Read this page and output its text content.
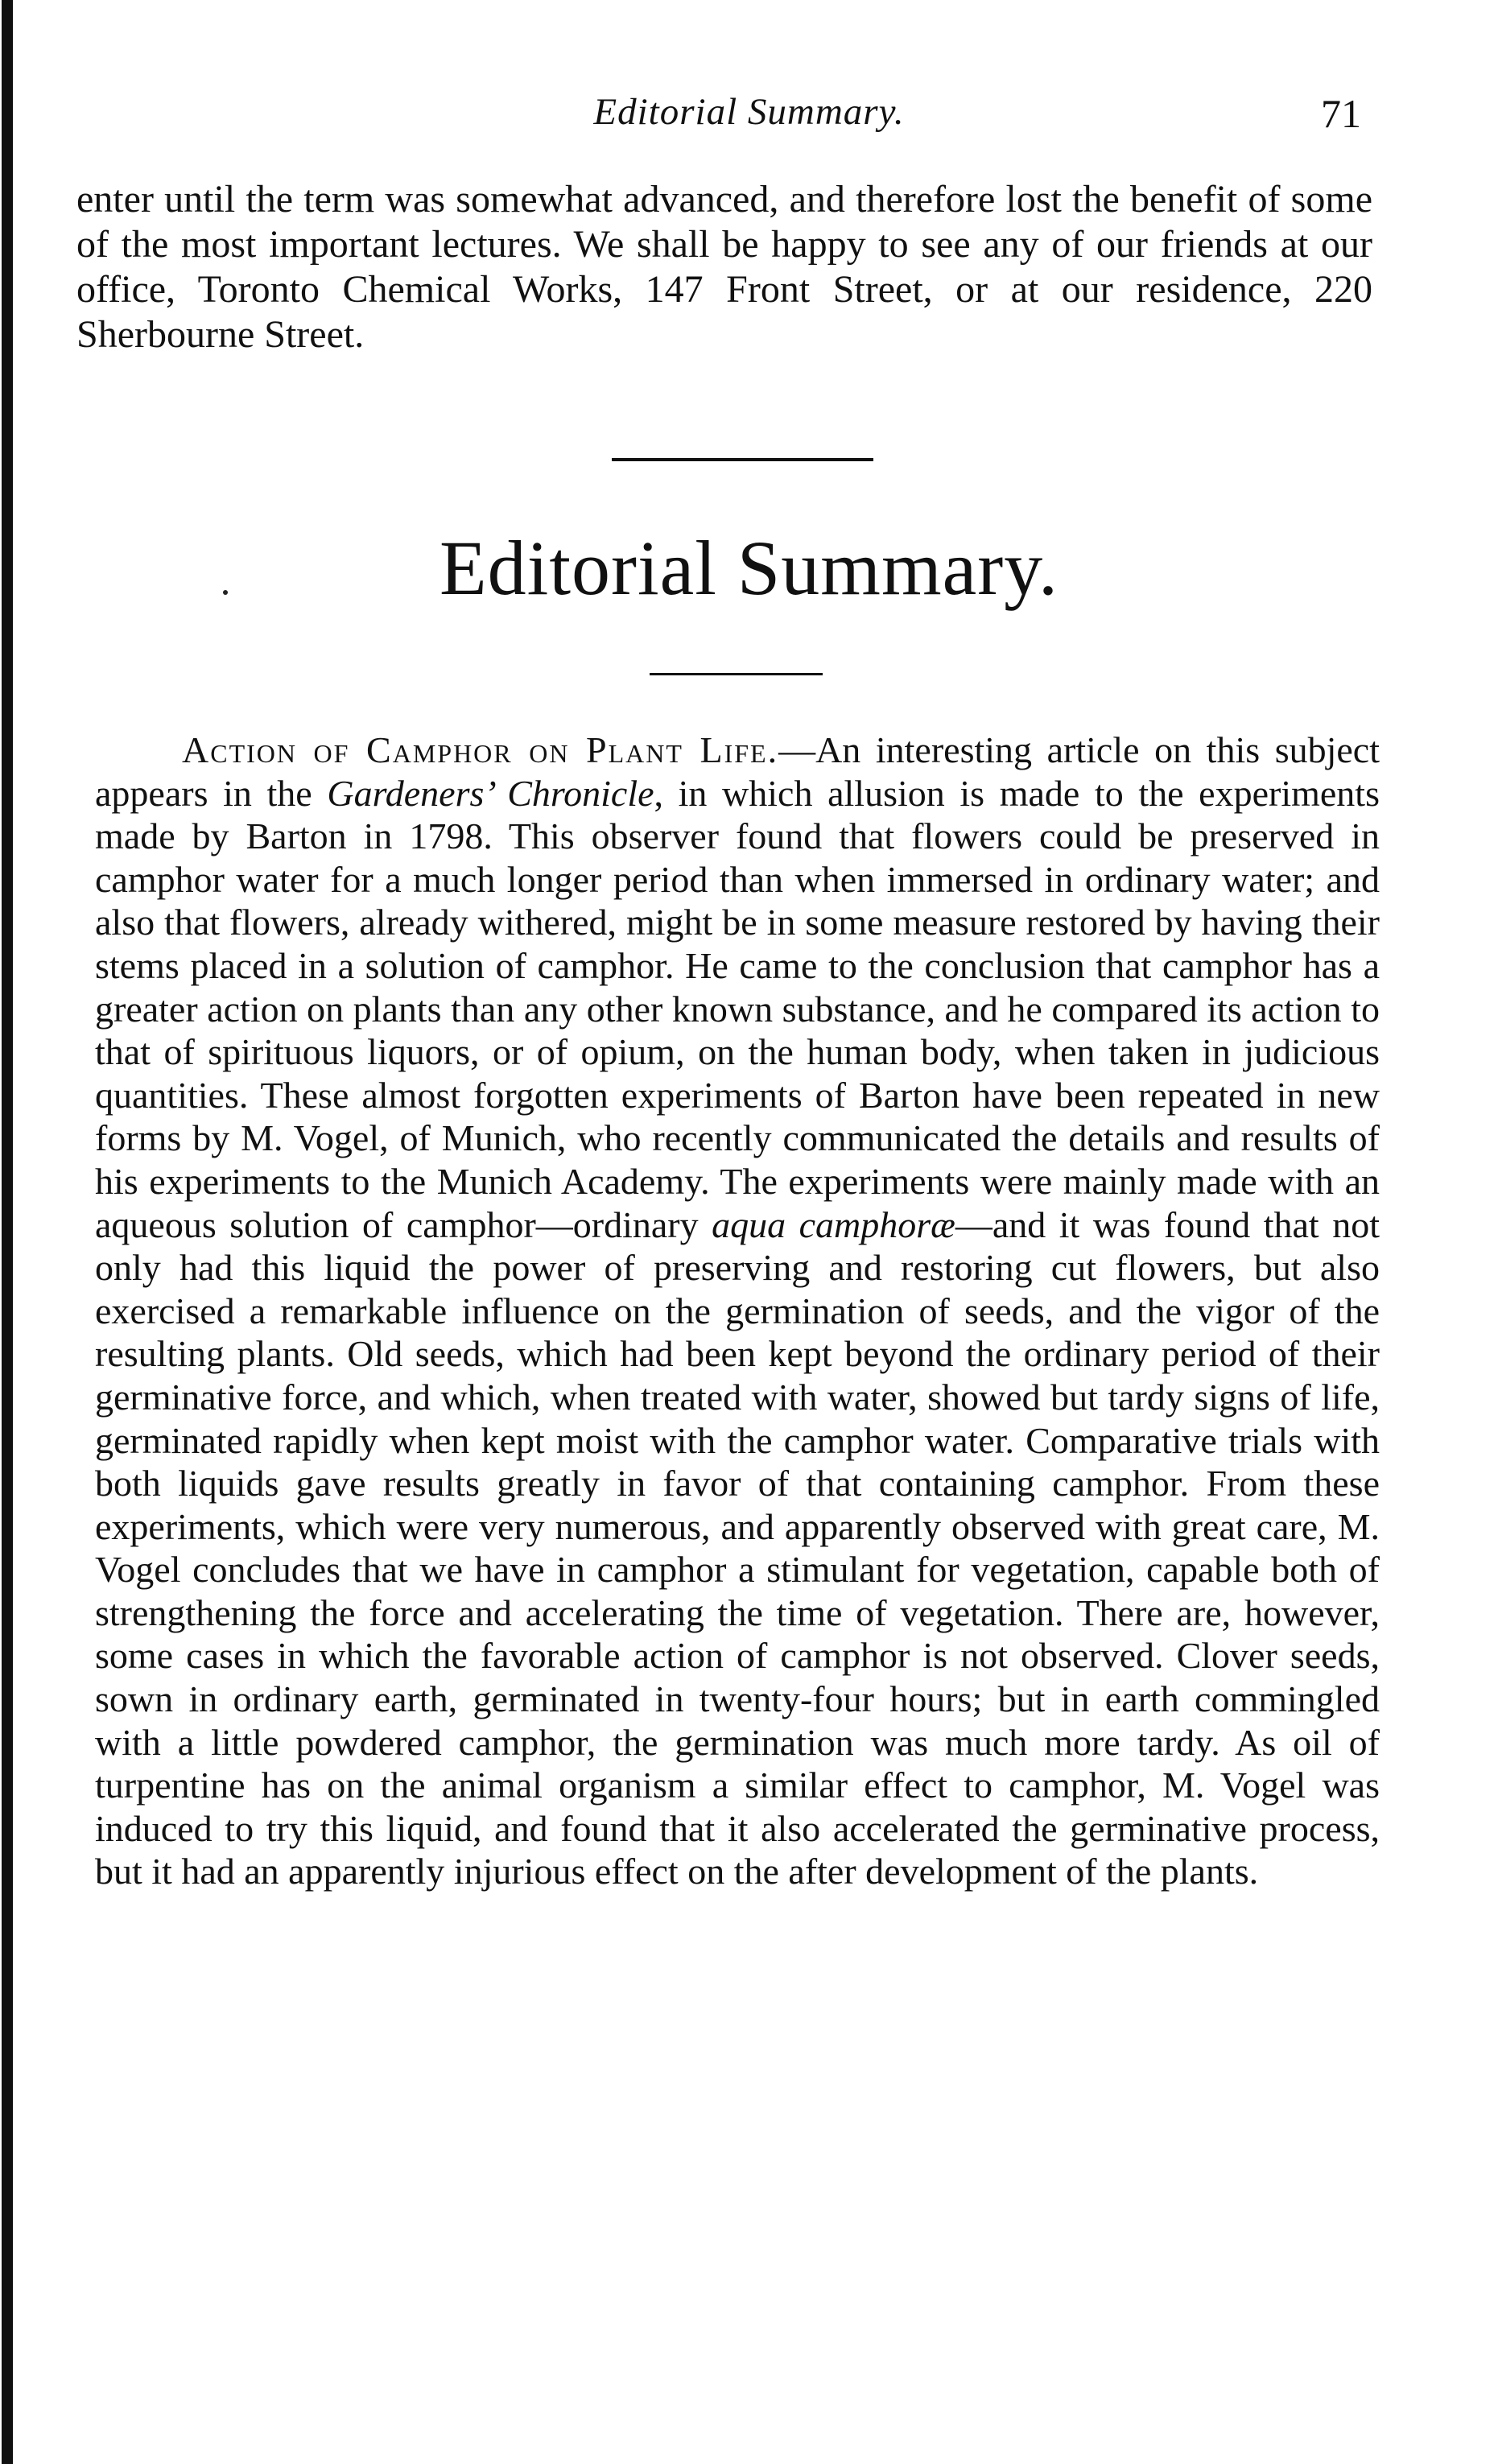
Editorial Summary.	71

enter until the term was somewhat advanced, and therefore lost the benefit of some of the most important lectures. We shall be happy to see any of our friends at our office, Toronto Chemical Works, 147 Front Street, or at our residence, 220 Sherbourne Street.

Editorial Summary.

Action of Camphor on Plant Life.—An interesting article on this subject appears in the Gardeners’ Chronicle, in which allusion is made to the experiments made by Barton in 1798. This observer found that flowers could be preserved in camphor water for a much longer period than when immersed in ordinary water; and also that flowers, already withered, might be in some measure restored by having their stems placed in a solution of camphor. He came to the conclusion that camphor has a greater action on plants than any other known substance, and he compared its action to that of spirituous liquors, or of opium, on the human body, when taken in judicious quantities. These almost forgotten experiments of Barton have been repeated in new forms by M. Vogel, of Munich, who recently communicated the details and results of his experiments to the Munich Academy. The experiments were mainly made with an aqueous solution of camphor—ordinary aqua camphoræ—and it was found that not only had this liquid the power of preserving and restoring cut flowers, but also exercised a remarkable influence on the germination of seeds, and the vigor of the resulting plants. Old seeds, which had been kept beyond the ordinary period of their germinative force, and which, when treated with water, showed but tardy signs of life, germinated rapidly when kept moist with the camphor water. Comparative trials with both liquids gave results greatly in favor of that containing camphor. From these experiments, which were very numerous, and apparently observed with great care, M. Vogel concludes that we have in camphor a stimulant for vegetation, capable both of strengthening the force and accelerating the time of vegetation. There are, however, some cases in which the favorable action of camphor is not observed. Clover seeds, sown in ordinary earth, germinated in twenty-four hours; but in earth commingled with a little powdered camphor, the germination was much more tardy. As oil of turpentine has on the animal organism a similar effect to camphor, M. Vogel was induced to try this liquid, and found that it also accelerated the germinative process, but it had an apparently injurious effect on the after development of the plants.
